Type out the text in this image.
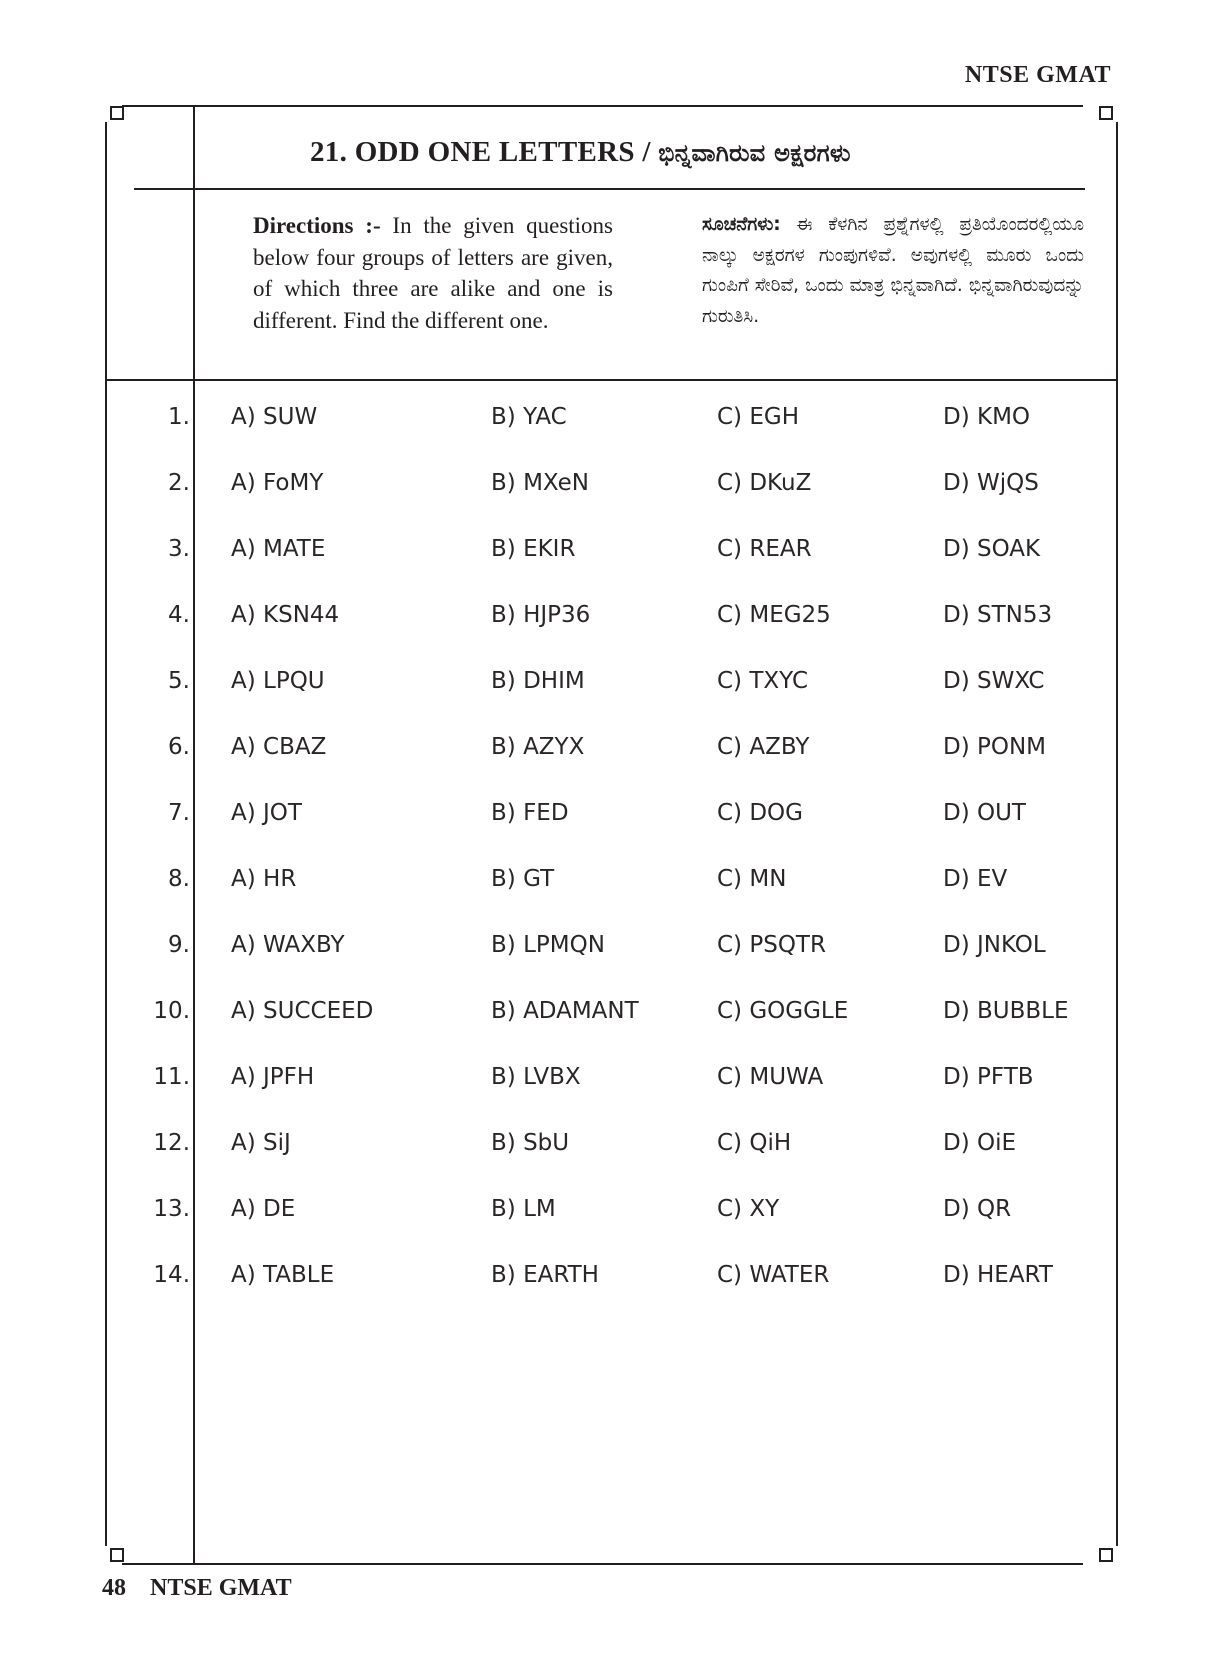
NTSE GMAT
21. ODD ONE LETTERS / ಭಿನ್ನವಾಗಿರುವ ಅಕ್ಷರಗಳು
Directions :- In the given questions below four groups of letters are given, of which three are alike and one is different. Find the different one.
ಸೂಚನೆಗಳು: ಈ ಕೆಳಗಿನ ಪ್ರಶ್ನೆಗಳಲ್ಲಿ ಪ್ರತಿಯೊಂದರಲ್ಲಿಯೂ ನಾಲ್ಕು ಅಕ್ಷರಗಳ ಗುಂಪುಗಳಿವೆ. ಅವುಗಳಲ್ಲಿ ಮೂರು ಒಂದು ಗುಂಪಿಗೆ ಸೇರಿವೆ, ಒಂದು ಮಾತ್ರ ಭಿನ್ನವಾಗಿದೆ. ಭಿನ್ನವಾಗಿರುವುದನ್ನು ಗುರುತಿಸಿ.
1. A) SUW	B) YAC	C) EGH	D) KMO
2. A) FoMY	B) MXeN	C) DKuZ	D) WjQS
3. A) MATE	B) EKIR	C) REAR	D) SOAK
4. A) KSN44	B) HJP36	C) MEG25	D) STN53
5. A) LPQU	B) DHIM	C) TXYC	D) SWXC
6. A) CBAZ	B) AZYX	C) AZBY	D) PONM
7. A) JOT	B) FED	C) DOG	D) OUT
8. A) HR	B) GT	C) MN	D) EV
9. A) WAXBY	B) LPMQN	C) PSQTR	D) JNKOL
10. A) SUCCEED	B) ADAMANT	C) GOGGLE	D) BUBBLE
11. A) JPFH	B) LVBX	C) MUWA	D) PFTB
12. A) SiJ	B) SbU	C) QiH	D) OiE
13. A) DE	B) LM	C) XY	D) QR
14. A) TABLE	B) EARTH	C) WATER	D) HEART
48 NTSE GMAT
